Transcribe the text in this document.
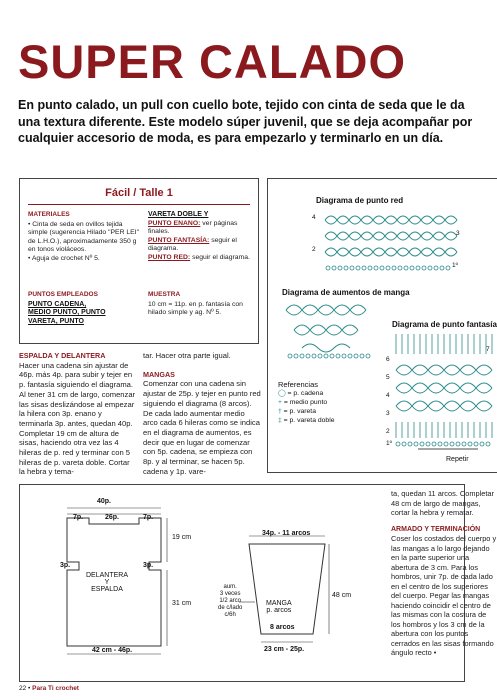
SUPER CALADO
En punto calado, un pull con cuello bote, tejido con cinta de seda que le da una textura diferente. Este modelo súper juvenil, que se deja acompañar por cualquier accesorio de moda, es para empezarlo y terminarlo en un día.
Fácil / Talle 1
MATERIALES
• Cinta de seda en ovillos tejida simple (sugerencia Hilado "PER LEI" de L.H.O.), aproximadamente 350 g en tonos violáceos.
• Aguja de crochet Nº 5.
VARETA DOBLE Y
PUNTO ENANO: ver páginas finales.
PUNTO FANTASÍA: seguir el diagrama.
PUNTO RED: seguir el diagrama.
PUNTOS EMPLEADOS
PUNTO CADENA,
MEDIO PUNTO, PUNTO
VARETA, PUNTO
MUESTRA
10 cm = 11p. en p. fantasía con hilado simple y ag. Nº 5.
Diagrama de punto red
4
3
2
1º
Diagrama de aumentos de manga
Diagrama de punto fantasía
6
5
4
3
2
1º
7
Repetir
Referencias
◯ = p. cadena
+ = medio punto
† = p. vareta
‡ = p. vareta doble
ESPALDA Y DELANTERA
Hacer una cadena sin ajustar de 46p. más 4p. para subir y tejer en p. fantasía siguiendo el diagrama. Al tener 31 cm de largo, comenzar las sisas deslizándose al empezar la hilera con 3p. enano y terminarla 3p. antes, quedan 40p. Completar 19 cm de altura de sisas, haciendo otra vez las 4 hileras de p. red y terminar con 5 hileras de p. vareta doble. Cortar la hebra y tema-
tar. Hacer otra parte igual.
MANGAS
Comenzar con una cadena sin ajustar de 25p. y tejer en punto red siguiendo el diagrama (8 arcos). De cada lado aumentar medio arco cada 6 hileras como se indica en el diagrama de aumentos, es decir que en lugar de comenzar con 5p. cadena, se empieza con 8p. y al terminar, se hacen 5p. cadena y 1p. vare-
40p.
7p.	26p.	7p.
3p.	3p.
19 cm
31 cm
DELANTERA
Y
ESPALDA
42 cm - 46p.
34p. - 11 arcos
MANGA
p. arcos
8 arcos
23 cm - 25p.
48 cm
aum.
3 veces
1/2 arco
de c/lado
c/6h
ta, quedan 11 arcos. Completar 48 cm de largo de mangas, cortar la hebra y rematar.
ARMADO Y TERMINACIÓN
Coser los costados del cuerpo y las mangas a lo largo dejando en la parte superior una abertura de 3 cm. Para los hombros, unir 7p. de cada lado en el centro de los superiores del cuerpo. Pegar las mangas haciendo coincidir el centro de las mismas con la costura de los hombros y los 3 cm de la abertura con los puntos cerrados en las sisas formando ángulo recto •
22 • Para Ti crochet
